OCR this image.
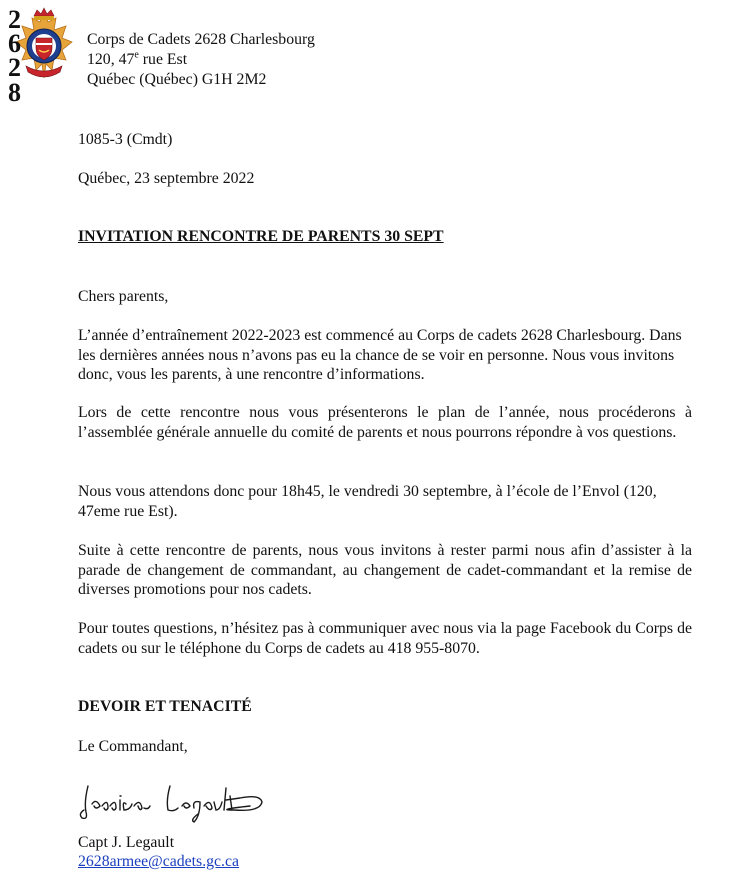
2
6
2
8
Corps de Cadets 2628 Charlesbourg
120, 47e rue Est
Québec (Québec) G1H 2M2
1085-3 (Cmdt)
Québec, 23 septembre 2022
INVITATION RENCONTRE DE PARENTS 30 SEPT
Chers parents,
L’année d’entraînement 2022-2023 est commencé au Corps de cadets 2628 Charlesbourg. Dans les dernières années nous n’avons pas eu la chance de se voir en personne. Nous vous invitons donc, vous les parents, à une rencontre d’informations.
Lors de cette rencontre nous vous présenterons le plan de l’année, nous procéderons à l’assemblée générale annuelle du comité de parents et nous pourrons répondre à vos questions.
Nous vous attendons donc pour 18h45, le vendredi 30 septembre, à l’école de l’Envol (120, 47eme rue Est).
Suite à cette rencontre de parents, nous vous invitons à rester parmi nous afin d’assister à la parade de changement de commandant, au changement de cadet-commandant et la remise de diverses promotions pour nos cadets.
Pour toutes questions, n’hésitez pas à communiquer avec nous via la page Facebook du Corps de cadets ou sur le téléphone du Corps de cadets au 418 955-8070.
DEVOIR ET TENACITÉ
Le Commandant,
Capt J. Legault
2628armee@cadets.gc.ca
